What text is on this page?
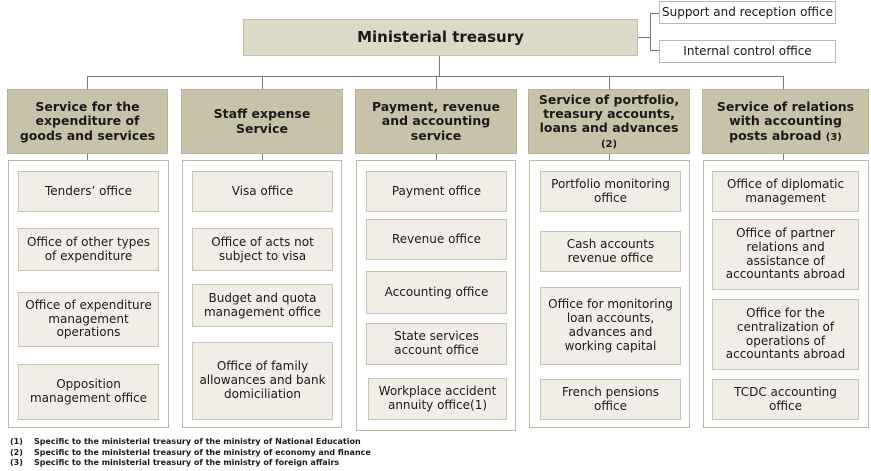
Ministerial treasury
Support and reception office
Internal control office
Service for the expenditure of goods and services
Staff expense Service
Payment, revenue and accounting service
Service of portfolio, treasury accounts, loans and advances (2)
Service of relations with accounting posts abroad (3)
Tenders’ office
Office of other types of expenditure
Office of expenditure management operations
Opposition management office
Visa office
Office of acts not subject to visa
Budget and quota management office
Office of family allowances and bank domiciliation
Payment office
Revenue office
Accounting office
State services account office
Workplace accident annuity office(1)
Portfolio monitoring office
Cash accounts revenue office
Office for monitoring loan accounts, advances and working capital
French pensions office
Office of diplomatic management
Office of partner relations and assistance of accountants abroad
Office for the centralization of operations of accountants abroad
TCDC accounting office
(1)	Specific to the ministerial treasury of the ministry of National Education
(2)	Specific to the ministerial treasury of the ministry of economy and finance
(3)	Specific to the ministerial treasury of the ministry of foreign affairs
